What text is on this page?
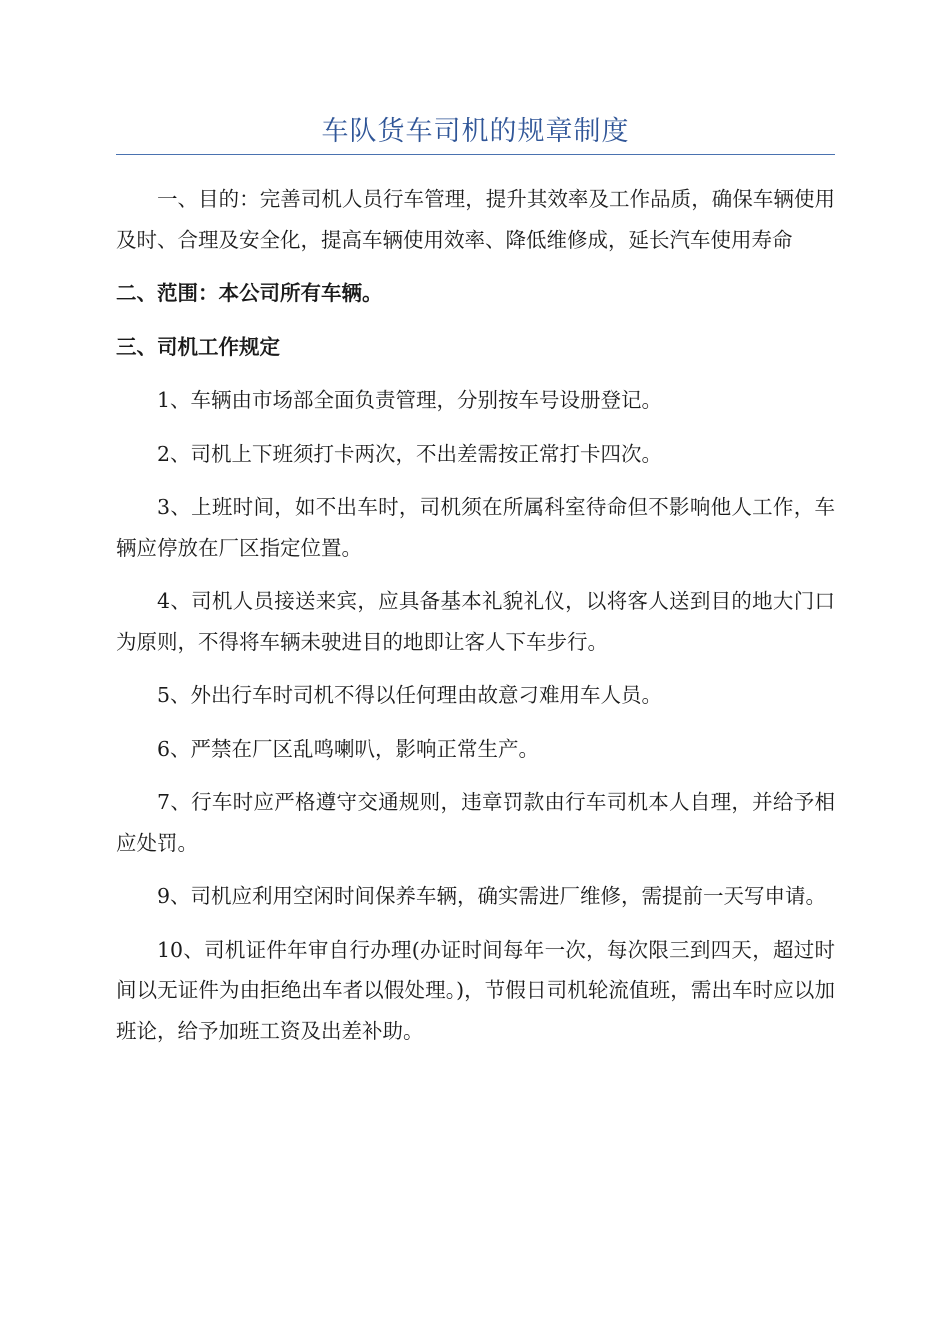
车队货车司机的规章制度

一、目的：完善司机人员行车管理，提升其效率及工作品质，确保车辆使用及时、合理及安全化，提高车辆使用效率、降低维修成，延长汽车使用寿命

二、范围：本公司所有车辆。

三、司机工作规定

1、车辆由市场部全面负责管理，分别按车号设册登记。

2、司机上下班须打卡两次，不出差需按正常打卡四次。

3、上班时间，如不出车时，司机须在所属科室待命但不影响他人工作，车辆应停放在厂区指定位置。

4、司机人员接送来宾，应具备基本礼貌礼仪，以将客人送到目的地大门口为原则，不得将车辆未驶进目的地即让客人下车步行。

5、外出行车时司机不得以任何理由故意刁难用车人员。

6、严禁在厂区乱鸣喇叭，影响正常生产。

7、行车时应严格遵守交通规则，违章罚款由行车司机本人自理，并给予相应处罚。

9、司机应利用空闲时间保养车辆，确实需进厂维修，需提前一天写申请。

10、司机证件年审自行办理(办证时间每年一次，每次限三到四天，超过时间以无证件为由拒绝出车者以假处理。)，节假日司机轮流值班，需出车时应以加班论，给予加班工资及出差补助。
